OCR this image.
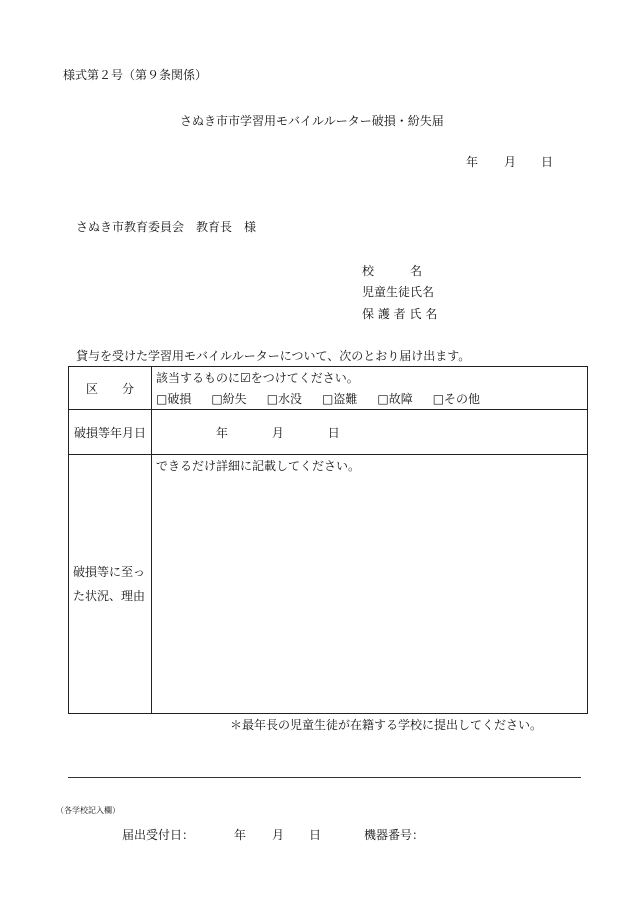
様式第２号（第９条関係）
さぬき市市学習用モバイルルーター破損・紛失届
年 月 日
さぬき市教育委員会　教育長　様
校　　　名
児童生徒氏名
保 護 者 氏 名
貸与を受けた学習用モバイルルーターについて、次のとおり届け出ます。
区　　分	該当するものに☑をつけてください。
□破損 □紛失 □水没 □盗難 □故障 □その他

破損等年月日	年 月 日
破損等に至った状況、理由	できるだけ詳細に記載してください。
＊最年長の児童生徒が在籍する学校に提出してください。
（各学校記入欄）
届出受付日：	年 月 日	機器番号：
